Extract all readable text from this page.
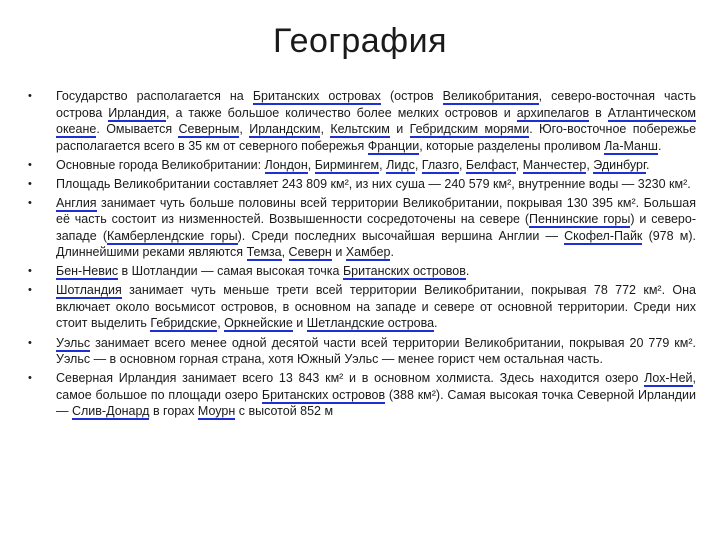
География
• Государство располагается на Британских островах (остров Великобритания, северо-восточная часть острова Ирландия, а также большое количество более мелких островов и архипелагов в Атлантическом океане. Омывается Северным, Ирландским, Кельтским и Гебридским морями. Юго-восточное побережье располагается всего в 35 км от северного побережья Франции, которые разделены проливом Ла-Манш.
• Основные города Великобритании: Лондон, Бирмингем, Лидс, Глазго, Белфаст, Манчестер, Эдинбург.
• Площадь Великобритании составляет 243 809 км², из них суша — 240 579 км², внутренние воды — 3230 км².
• Англия занимает чуть больше половины всей территории Великобритании, покрывая 130 395 км². Большая её часть состоит из низменностей. Возвышенности сосредоточены на севере (Пеннинские горы) и северо-западе (Камберлендские горы). Среди последних высочайшая вершина Англии — Скофел-Пайк (978 м). Длиннейшими реками являются Темза, Северн и Хамбер.
• Бен-Невис в Шотландии — самая высокая точка Британских островов.
• Шотландия занимает чуть меньше трети всей территории Великобритании, покрывая 78 772 км². Она включает около восьмисот островов, в основном на западе и севере от основной территории. Среди них стоит выделить Гебридские, Оркнейские и Шетландские острова.
• Уэльс занимает всего менее одной десятой части всей территории Великобритании, покрывая 20 779 км². Уэльс — в основном горная страна, хотя Южный Уэльс — менее горист чем остальная часть.
• Северная Ирландия занимает всего 13 843 км² и в основном холмиста. Здесь находится озеро Лох-Ней, самое большое по площади озеро Британских островов (388 км²). Самая высокая точка Северной Ирландии — Слив-Донард в горах Моурн с высотой 852 м
